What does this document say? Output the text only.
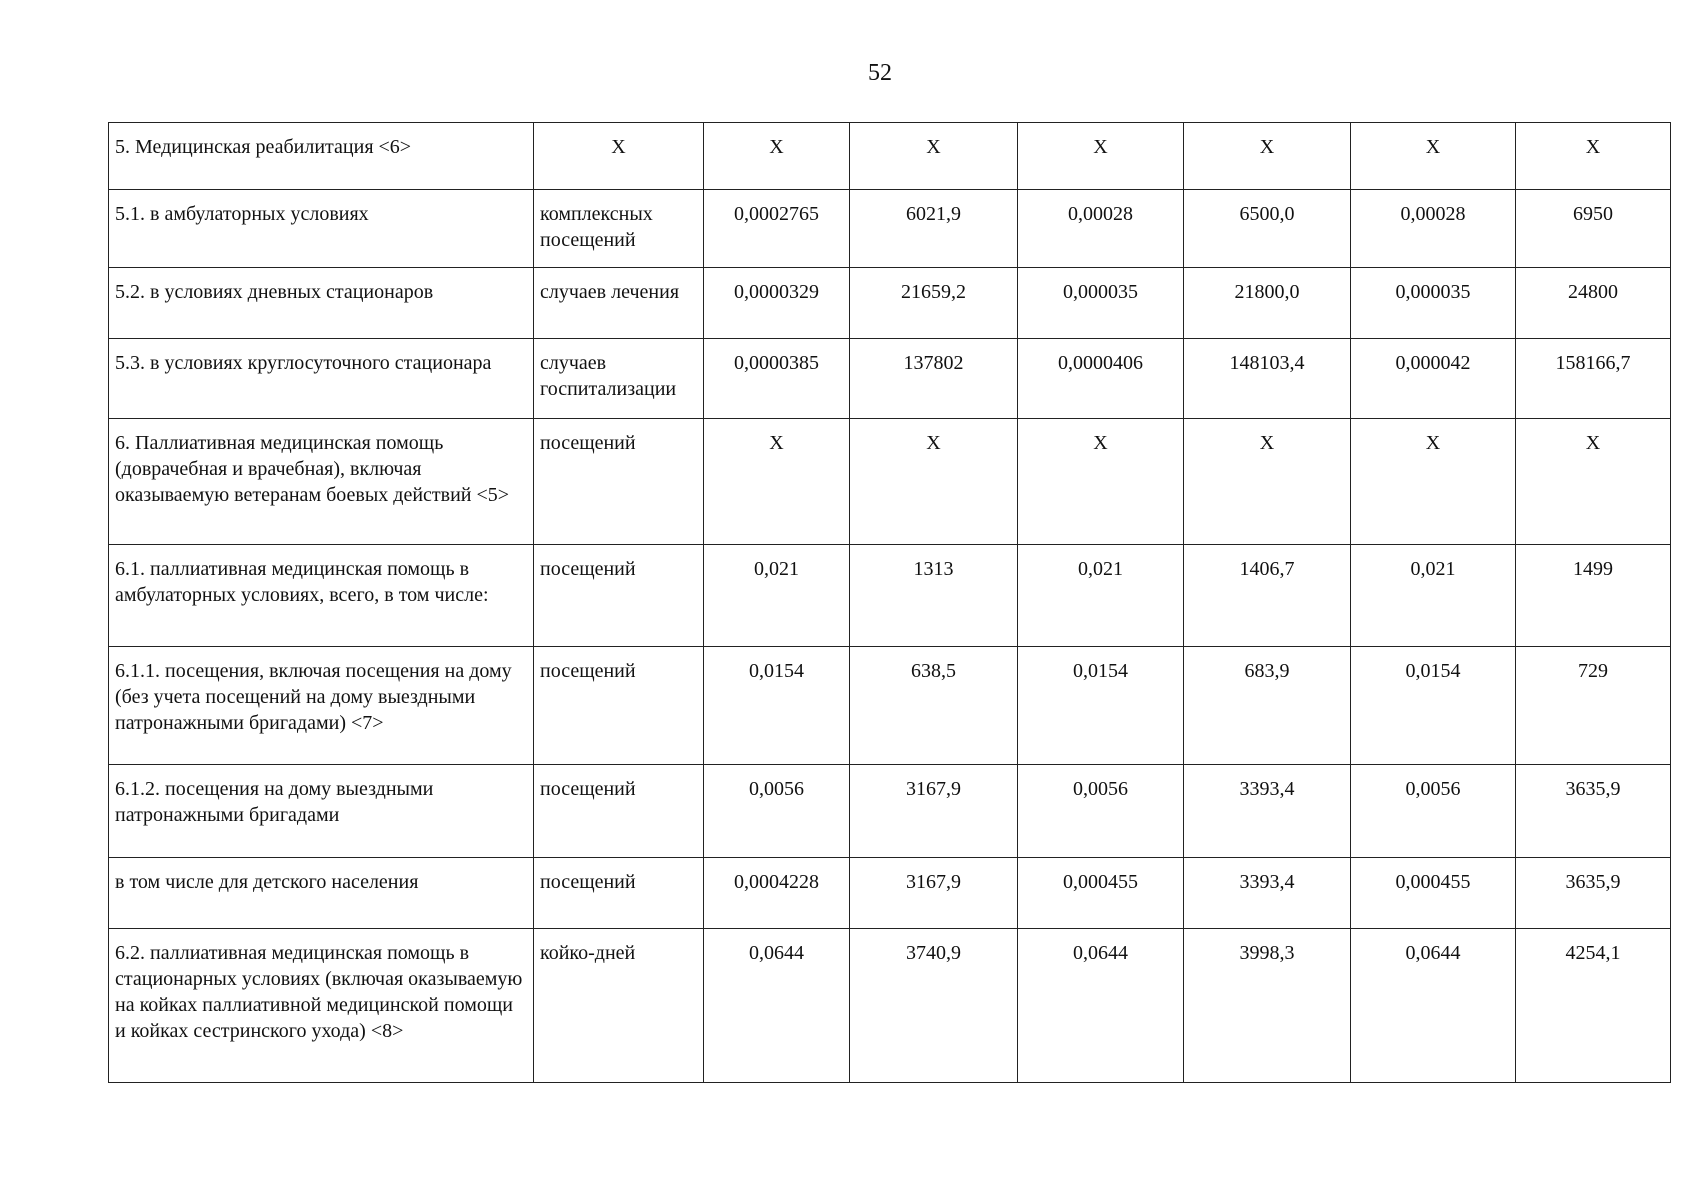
52
5. Медицинская реабилитация <6>	X	X	X	X	X	X	X
5.1. в амбулаторных условиях	комплексных посещений	0,0002765	6021,9	0,00028	6500,0	0,00028	6950
5.2. в условиях дневных стационаров	случаев лечения	0,0000329	21659,2	0,000035	21800,0	0,000035	24800
5.3. в условиях круглосуточного стационара	случаев госпитализации	0,0000385	137802	0,0000406	148103,4	0,000042	158166,7
6. Паллиативная медицинская помощь (доврачебная и врачебная), включая оказываемую ветеранам боевых действий <5>	посещений	X	X	X	X	X	X
6.1. паллиативная медицинская помощь в амбулаторных условиях, всего, в том числе:	посещений	0,021	1313	0,021	1406,7	0,021	1499
6.1.1. посещения, включая посещения на дому (без учета посещений на дому выездными патронажными бригадами) <7>	посещений	0,0154	638,5	0,0154	683,9	0,0154	729
6.1.2. посещения на дому выездными патронажными бригадами	посещений	0,0056	3167,9	0,0056	3393,4	0,0056	3635,9
в том числе для детского населения	посещений	0,0004228	3167,9	0,000455	3393,4	0,000455	3635,9
6.2. паллиативная медицинская помощь в стационарных условиях (включая оказываемую на койках паллиативной медицинской помощи и койках сестринского ухода) <8>	койко-дней	0,0644	3740,9	0,0644	3998,3	0,0644	4254,1
